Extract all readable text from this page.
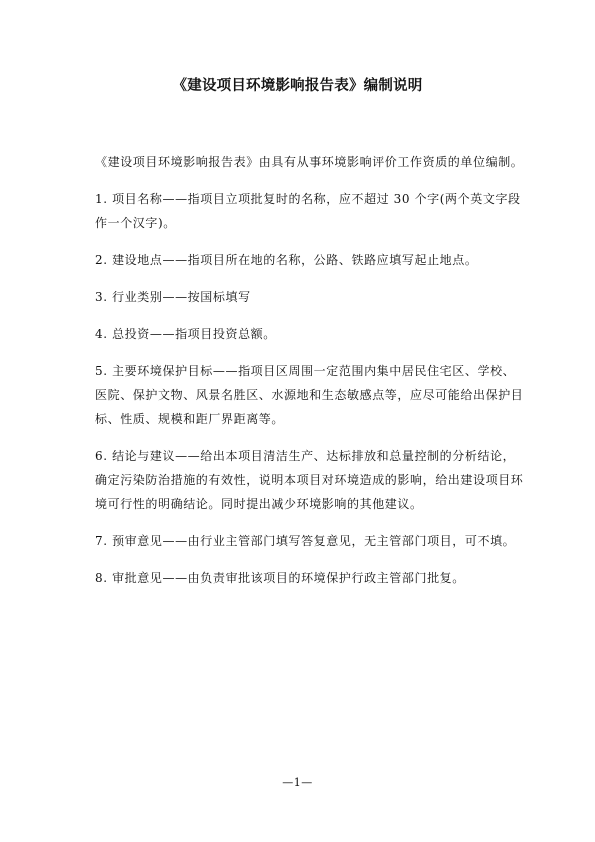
《建设项目环境影响报告表》编制说明

《建设项目环境影响报告表》由具有从事环境影响评价工作资质的单位编制。

1. 项目名称——指项目立项批复时的名称，应不超过 30 个字(两个英文字段作一个汉字)。

2. 建设地点——指项目所在地的名称，公路、铁路应填写起止地点。

3. 行业类别——按国标填写

4. 总投资——指项目投资总额。

5. 主要环境保护目标——指项目区周围一定范围内集中居民住宅区、学校、医院、保护文物、风景名胜区、水源地和生态敏感点等，应尽可能给出保护目标、性质、规模和距厂界距离等。

6. 结论与建议——给出本项目清洁生产、达标排放和总量控制的分析结论，确定污染防治措施的有效性，说明本项目对环境造成的影响，给出建设项目环境可行性的明确结论。同时提出减少环境影响的其他建议。

7. 预审意见——由行业主管部门填写答复意见，无主管部门项目，可不填。

8. 审批意见——由负责审批该项目的环境保护行政主管部门批复。

—1—
